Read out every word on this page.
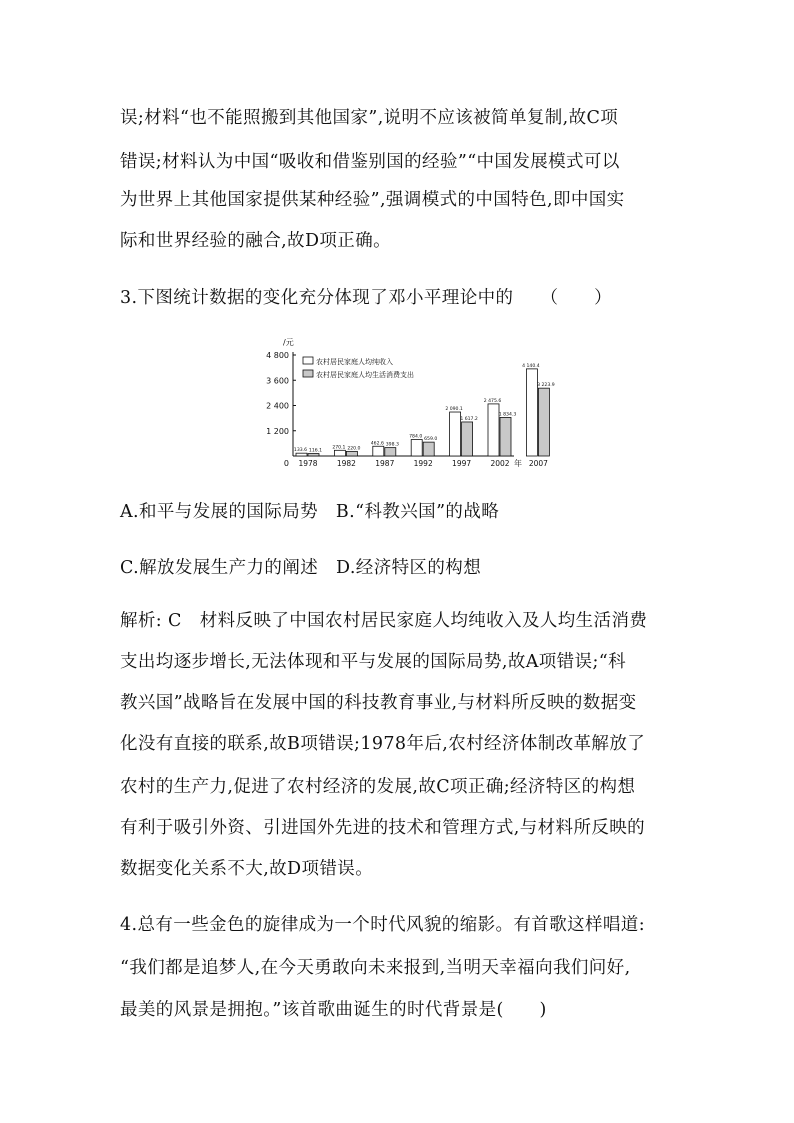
误;材料“也不能照搬到其他国家”,说明不应该被简单复制,故C项
错误;材料认为中国“吸收和借鉴别国的经验”“中国发展模式可以
为世界上其他国家提供某种经验”,强调模式的中国特色,即中国实
际和世界经验的融合,故D项正确。
3.下图统计数据的变化充分体现了邓小平理论中的　　（　　）
/元
年
0
1 200
2 400
3 600
4 800
1978
133.6 116.1
1982
270.1 220.0
1987
462.6 398.3
1992
784.0
659.0
1997
2 090.1
1 617.2
2002
2 475.6
1 834.3
2007
4 140.4
3 223.9
农村居民家庭人均纯收入
农村居民家庭人均生活消费支出
A.和平与发展的国际局势　B.“科教兴国”的战略
C.解放发展生产力的阐述　D.经济特区的构想
解析: C　材料反映了中国农村居民家庭人均纯收入及人均生活消费
支出均逐步增长,无法体现和平与发展的国际局势,故A项错误;“科
教兴国”战略旨在发展中国的科技教育事业,与材料所反映的数据变
化没有直接的联系,故B项错误;1978年后,农村经济体制改革解放了
农村的生产力,促进了农村经济的发展,故C项正确;经济特区的构想
有利于吸引外资、引进国外先进的技术和管理方式,与材料所反映的
数据变化关系不大,故D项错误。
4.总有一些金色的旋律成为一个时代风貌的缩影。有首歌这样唱道:
“我们都是追梦人,在今天勇敢向未来报到,当明天幸福向我们问好,
最美的风景是拥抱。”该首歌曲诞生的时代背景是(　　)
